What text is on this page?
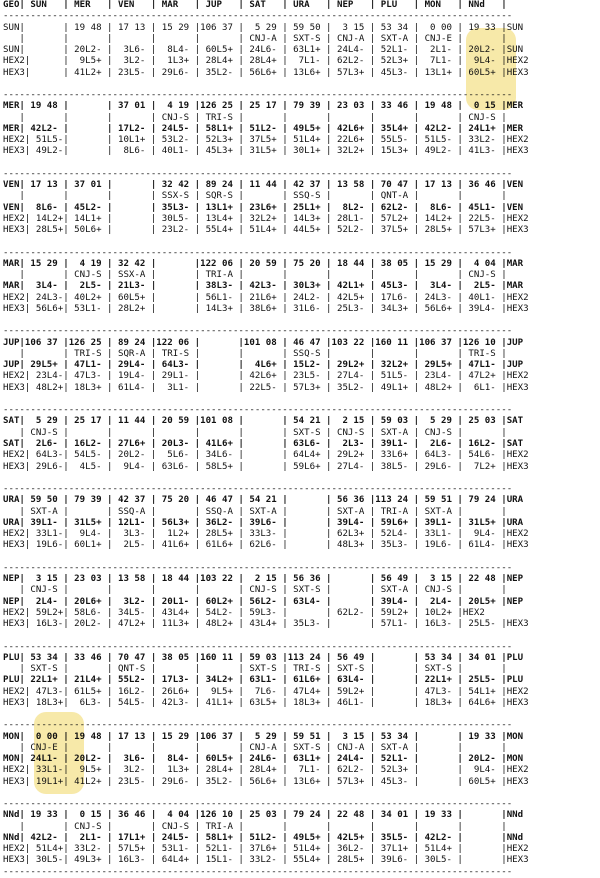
GEO| SUN   | MER   | VEN   | MAR   | JUP   | SAT   | URA   | NEP   | PLU   | MON   | NNd   |
---------------------------------------------------------------------------------------------
SUN|       | 19 48 | 17 13 | 15 29 |106 37 |  5 29 | 59 50 |  3 15 | 53 34 |  0 00 | 19 33 |SUN
|       |       |       |       |       | CNJ-A | SXT-S | CNJ-A | SXT-A | CNJ-E |       |
SUN|       | 20L2- |  3L6- |  8L4- | 60L5+ | 24L6- | 63L1+ | 24L4- | 52L1- |  2L1- | 20L2- |SUN
HEX2|      |  9L5+ |  3L2- |  1L3+ | 28L4+ | 28L4+ |  7L1- | 62L2- | 52L3+ |  7L1- |  9L4- |HEX2
HEX3|      | 41L2+ | 23L5- | 29L6- | 35L2- | 56L6+ | 13L6+ | 57L3+ | 45L3- | 13L1+ | 60L5+ |HEX3
---------------------------------------------------------------------------------------------
MER| 19 48 |       | 37 01 |  4 19 |126 25 | 25 17 | 79 39 | 23 03 | 33 46 | 19 48 |  0 15 |MER
|       |       |       | CNJ-S | TRI-S |       |       |       |       |       | CNJ-S |
MER| 42L2- |       | 17L2- | 24L5- | 58L1+ | 51L2- | 49L5+ | 42L6+ | 35L4+ | 42L2- | 24L1+ |MER
HEX2| 51L5-|       | 10L1+ | 53L2- | 52L3+ | 37L5+ | 51L4+ | 22L6+ | 55L5- | 51L5- | 33L2- |HEX2
HEX3| 49L2-|       |  8L6- | 40L1- | 45L3+ | 31L5+ | 30L1+ | 32L2+ | 15L3+ | 49L2- | 41L3- |HEX3
---------------------------------------------------------------------------------------------
VEN| 17 13 | 37 01 |       | 32 42 | 89 24 | 11 44 | 42 37 | 13 58 | 70 47 | 17 13 | 36 46 |VEN
|       |       |       | SSX-S | SQR-S |       | SSQ-S |       | QNT-A |       |       |
VEN|  8L6- | 45L2- |       | 35L3- | 13L1+ | 23L6+ | 25L1+ |  8L2- | 62L2- |  8L6- | 45L1- |VEN
HEX2| 14L2+| 14L1+ |       | 30L5- | 13L4+ | 32L2+ | 14L3+ | 28L1- | 57L2+ | 14L2+ | 22L5- |HEX2
HEX3| 28L5+| 50L6+ |       | 23L2- | 55L4+ | 51L4+ | 44L5+ | 52L2- | 37L5+ | 28L5+ | 57L3+ |HEX3
---------------------------------------------------------------------------------------------
MAR| 15 29 |  4 19 | 32 42 |       |122 06 | 20 59 | 75 20 | 18 44 | 38 05 | 15 29 |  4 04 |MAR
|       | CNJ-S | SSX-A |       | TRI-A |       |       |       |       |       | CNJ-S |
MAR|  3L4- |  2L5- | 21L3- |       | 38L3- | 42L3- | 30L3+ | 42L1+ | 45L3- |  3L4- |  2L5- |MAR
HEX2| 24L3-| 40L2+ | 60L5+ |       | 56L1- | 21L6+ | 24L2- | 42L5+ | 17L6- | 24L3- | 40L1- |HEX2
HEX3| 56L6+| 53L1- | 28L2+ |       | 14L3+ | 38L6+ | 31L6- | 25L3- | 34L3+ | 56L6+ | 39L4- |HEX3
---------------------------------------------------------------------------------------------
JUP|106 37 |126 25 | 89 24 |122 06 |       |101 08 | 46 47 |103 22 |160 11 |106 37 |126 10 |JUP
|       | TRI-S | SQR-A | TRI-S |       |       | SSQ-S |       |       |       | TRI-S |
JUP| 29L5+ | 47L1- | 29L4- | 64L3- |       |  4L6+ | 15L2- | 29L2+ | 32L2+ | 29L5+ | 47L1- |JUP
HEX2| 23L4-| 47L3- | 19L4- | 29L1- |       | 42L6+ | 23L5- | 27L4- | 51L5- | 23L4- | 47L2+ |HEX2
HEX3| 48L2+| 18L3+ | 61L4- |  3L1- |       | 22L5- | 57L3+ | 35L2- | 49L1+ | 48L2+ |  6L1- |HEX3
---------------------------------------------------------------------------------------------
SAT|  5 29 | 25 17 | 11 44 | 20 59 |101 08 |       | 54 21 |  2 15 | 59 03 |  5 29 | 25 03 |SAT
| CNJ-S |       |       |       |       |       | SXT-S | CNJ-S | SXT-A | CNJ-S |       |
SAT|  2L6- | 16L2- | 27L6+ | 20L3- | 41L6+ |       | 63L6- |  2L3- | 39L1- |  2L6- | 16L2- |SAT
HEX2| 64L3-| 54L5- | 20L2- |  5L6- | 34L6- |       | 64L4+ | 29L2+ | 33L6+ | 64L3- | 54L6- |HEX2
HEX3| 29L6-|  4L5- |  9L4- | 63L6- | 58L5+ |       | 59L6+ | 27L4- | 38L5- | 29L6- |  7L2+ |HEX3
---------------------------------------------------------------------------------------------
URA| 59 50 | 79 39 | 42 37 | 75 20 | 46 47 | 54 21 |       | 56 36 |113 24 | 59 51 | 79 24 |URA
| SXT-A |       | SSQ-A |       | SSQ-A | SXT-A |       | SXT-A | TRI-A | SXT-A |       |
URA| 39L1- | 31L5+ | 12L1- | 56L3+ | 36L2- | 39L6- |       | 39L4- | 59L6+ | 39L1- | 31L5+ |URA
HEX2| 33L1-|  9L4- |  3L3- |  1L2+ | 28L5+ | 33L3- |       | 62L3+ | 52L4- | 33L1- |  9L4- |HEX2
HEX3| 19L6-| 60L1+ |  2L5- | 41L6+ | 61L6+ | 62L6- |       | 48L3+ | 35L3- | 19L6- | 61L4- |HEX3
---------------------------------------------------------------------------------------------
NEP|  3 15 | 23 03 | 13 58 | 18 44 |103 22 |  2 15 | 56 36 |       | 56 49 |  3 15 | 22 48 |NEP
| CNJ-S |       |       |       |       | CNJ-S | SXT-S |       | SXT-A | CNJ-S |       |
NEP|  2L4- | 20L6+ |  3L2- | 20L1- | 60L2+ | 56L2- | 63L4- |       | 39L4- |  2L4- | 20L5+ |NEP
HEX2| 59L2+| 58L6- | 34L5- | 43L4+ | 54L2- | 59L3- |       | 62L2- | 59L2+ | 10L2+ |HEX2
HEX3| 16L3-| 20L2- | 47L2+ | 11L3+ | 48L2+ | 43L4+ | 35L3- |       | 57L1- | 16L3- | 25L5- |HEX3
---------------------------------------------------------------------------------------------
PLU| 53 34 | 33 46 | 70 47 | 38 05 |160 11 | 59 03 |113 24 | 56 49 |       | 53 34 | 34 01 |PLU
| SXT-S |       | QNT-S |       |       | SXT-S | TRI-S | SXT-S |       | SXT-S |       |
PLU| 22L1+ | 21L4+ | 55L2- | 17L3- | 34L2+ | 63L1- | 61L6+ | 63L4- |       | 22L1+ | 25L5- |PLU
HEX2| 47L3-| 61L5+ | 16L2- | 26L6+ |  9L5+ |  7L6- | 47L4+ | 59L2+ |       | 47L3- | 54L1+ |HEX2
HEX3| 18L3+|  6L3- | 54L5- | 42L3- | 41L1+ | 63L5+ | 18L3+ | 46L1- |       | 18L3+ | 64L6+ |HEX3
---------------------------------------------------------------------------------------------
MON|  0 00 | 19 48 | 17 13 | 15 29 |106 37 |  5 29 | 59 51 |  3 15 | 53 34 |       | 19 33 |MON
| CNJ-E |       |       |       |       | CNJ-A | SXT-S | CNJ-A | SXT-A |       |       |
MON| 24L1- | 20L2- |  3L6- |  8L4- | 60L5+ | 24L6- | 63L1+ | 24L4- | 52L1- |       | 20L2- |MON
HEX2| 33L1-|  9L5+ |  3L2- |  1L3+ | 28L4+ | 28L4+ |  7L1- | 62L2- | 52L3+ |       |  9L4- |HEX2
HEX3| 19L1+| 41L2+ | 23L5- | 29L6- | 35L2- | 56L6+ | 13L6+ | 57L3+ | 45L3- |       | 60L5+ |HEX3
---------------------------------------------------------------------------------------------
NNd| 19 33 |  0 15 | 36 46 |  4 04 |126 10 | 25 03 | 79 24 | 22 48 | 34 01 | 19 33 |       |NNd
|       | CNJ-S |       | CNJ-S | TRI-A |       |       |       |       |       |       |
NNd| 42L2- |  2L1- | 17L1+ | 24L5- | 58L1+ | 51L2- | 49L5+ | 42L5+ | 35L5- | 42L2- |       |NNd
HEX2| 51L4+| 33L2- | 57L5+ | 53L1- | 52L1- | 37L6+ | 51L4+ | 36L2- | 37L1+ | 51L4+ |       |HEX2
HEX3| 30L5-| 49L3+ | 16L3- | 64L4+ | 15L1- | 33L2- | 55L4+ | 28L5+ | 39L6- | 30L5- |       |HEX3
---------------------------------------------------------------------------------------------
